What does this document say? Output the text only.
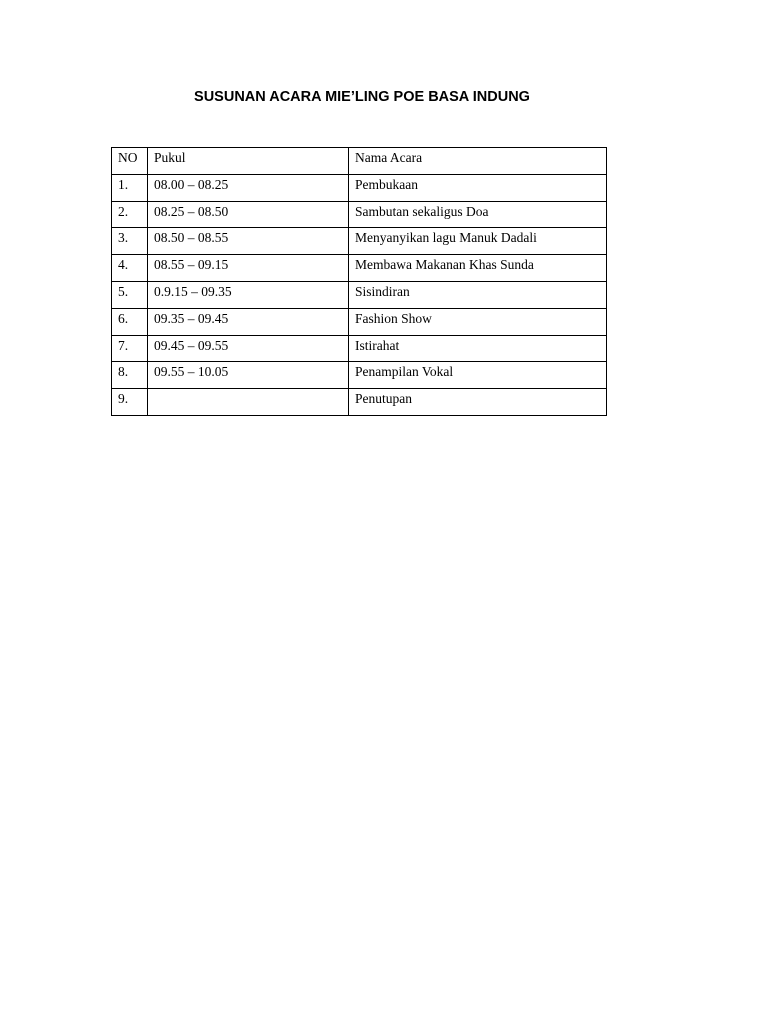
SUSUNAN ACARA MIE’LING POE BASA INDUNG
NO	Pukul	Nama Acara
1.	08.00 – 08.25	Pembukaan
2.	08.25 – 08.50	Sambutan sekaligus Doa
3.	08.50 – 08.55	Menyanyikan lagu Manuk Dadali
4.	08.55 – 09.15	Membawa Makanan Khas Sunda
5.	0.9.15 – 09.35	Sisindiran
6.	09.35 – 09.45	Fashion Show
7.	09.45 – 09.55	Istirahat
8.	09.55 – 10.05	Penampilan Vokal
9.		Penutupan
